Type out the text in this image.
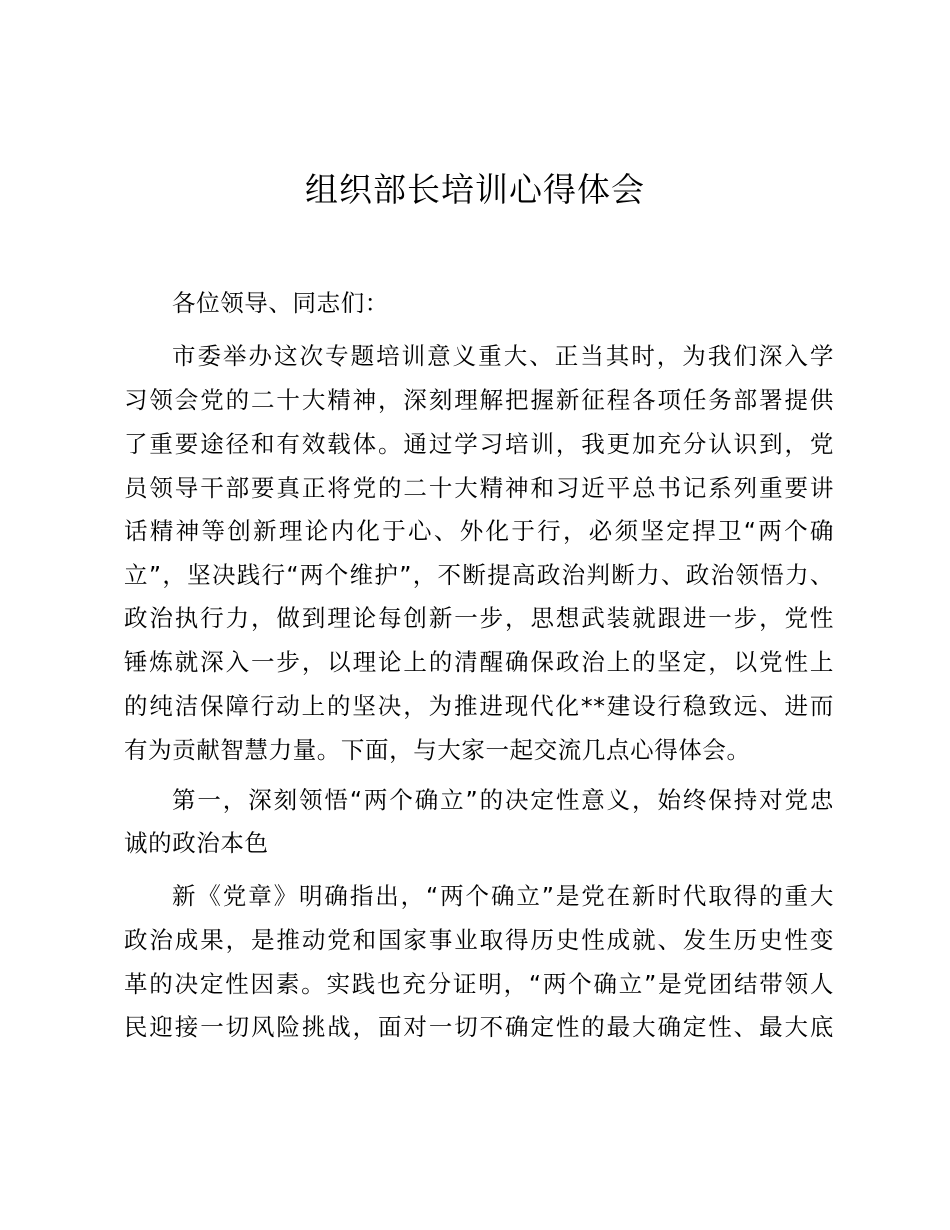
组织部长培训心得体会
各位领导、同志们：
市委举办这次专题培训意义重大、正当其时，为我们深入学
习领会党的二十大精神，深刻理解把握新征程各项任务部署提供
了重要途径和有效载体。通过学习培训，我更加充分认识到，党
员领导干部要真正将党的二十大精神和习近平总书记系列重要讲
话精神等创新理论内化于心、外化于行，必须坚定捍卫“两个确
立”，坚决践行“两个维护”，不断提高政治判断力、政治领悟力、
政治执行力，做到理论每创新一步，思想武装就跟进一步，党性
锤炼就深入一步，以理论上的清醒确保政治上的坚定，以党性上
的纯洁保障行动上的坚决，为推进现代化**建设行稳致远、进而
有为贡献智慧力量。下面，与大家一起交流几点心得体会。
第一，深刻领悟“两个确立”的决定性意义，始终保持对党忠
诚的政治本色
新《党章》明确指出，“两个确立”是党在新时代取得的重大
政治成果，是推动党和国家事业取得历史性成就、发生历史性变
革的决定性因素。实践也充分证明，“两个确立”是党团结带领人
民迎接一切风险挑战，面对一切不确定性的最大确定性、最大底
